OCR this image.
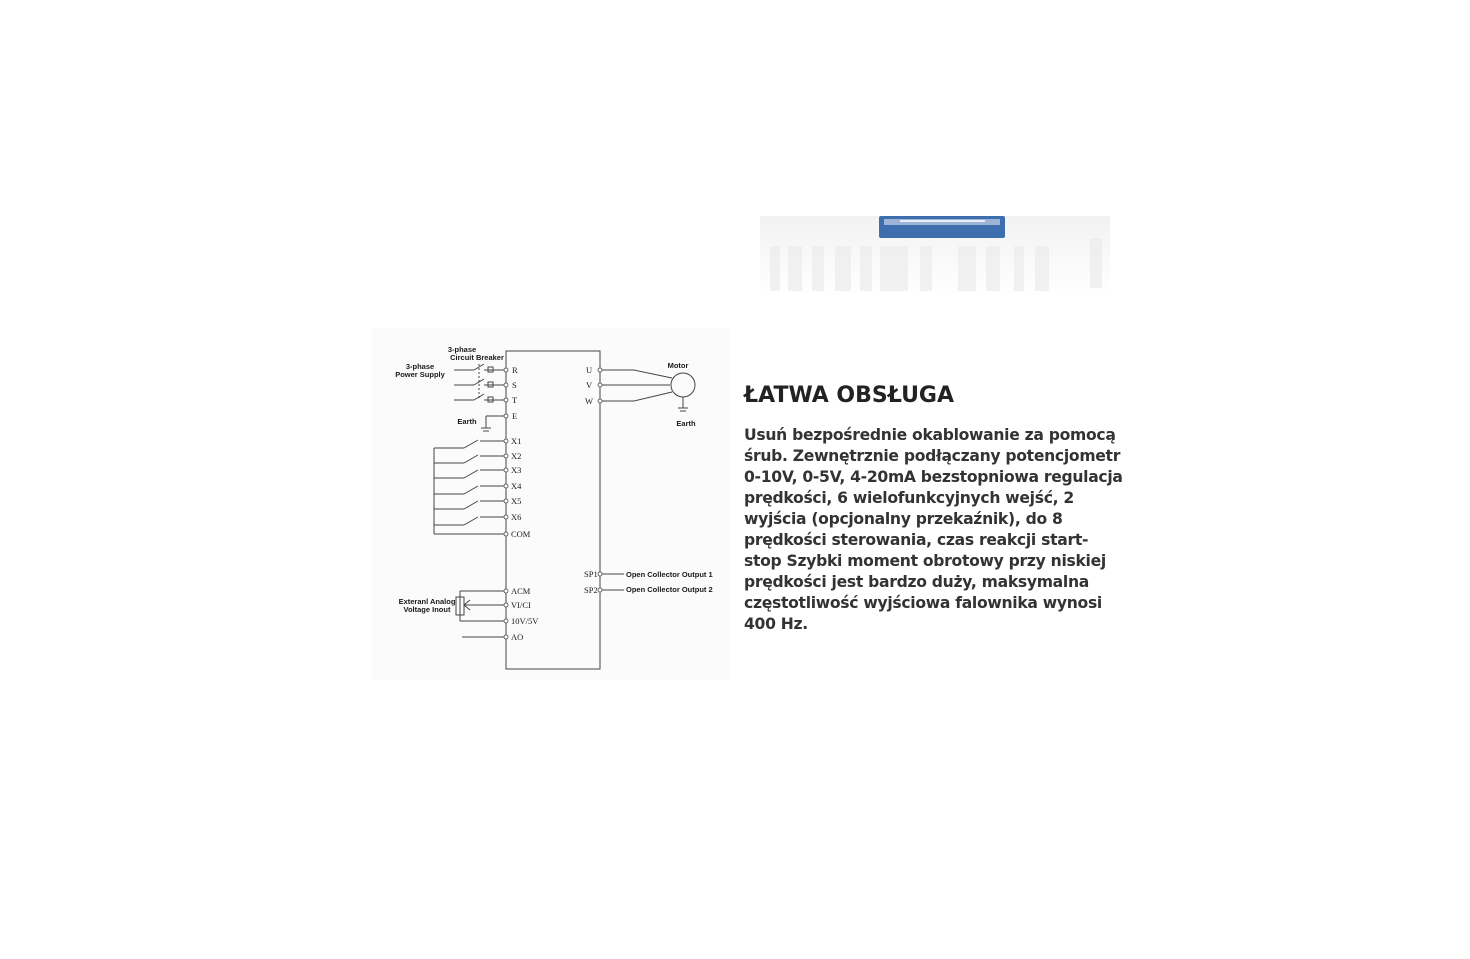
3-phase
Circuit Breaker
3-phase
Power Supply
Earth
Exteranl Analog
Voltage Inout
R
S
T
E
X1
X2
X3
X4
X5
X6
COM
ACM
VI/CI
10V/5V
AO
U
V
W
SP1
SP2
Motor
Earth
Open Collector Output 1
Open Collector Output 2
ŁATWA OBSŁUGA

Usuń bezpośrednie okablowanie za pomocą śrub. Zewnętrznie podłączany potencjometr 0-10V, 0-5V, 4-20mA bezstopniowa regulacja prędkości, 6 wielofunkcyjnych wejść, 2 wyjścia (opcjonalny przekaźnik), do 8 prędkości sterowania, czas reakcji start-stop Szybki moment obrotowy przy niskiej prędkości jest bardzo duży, maksymalna częstotliwość wyjściowa falownika wynosi 400 Hz.
